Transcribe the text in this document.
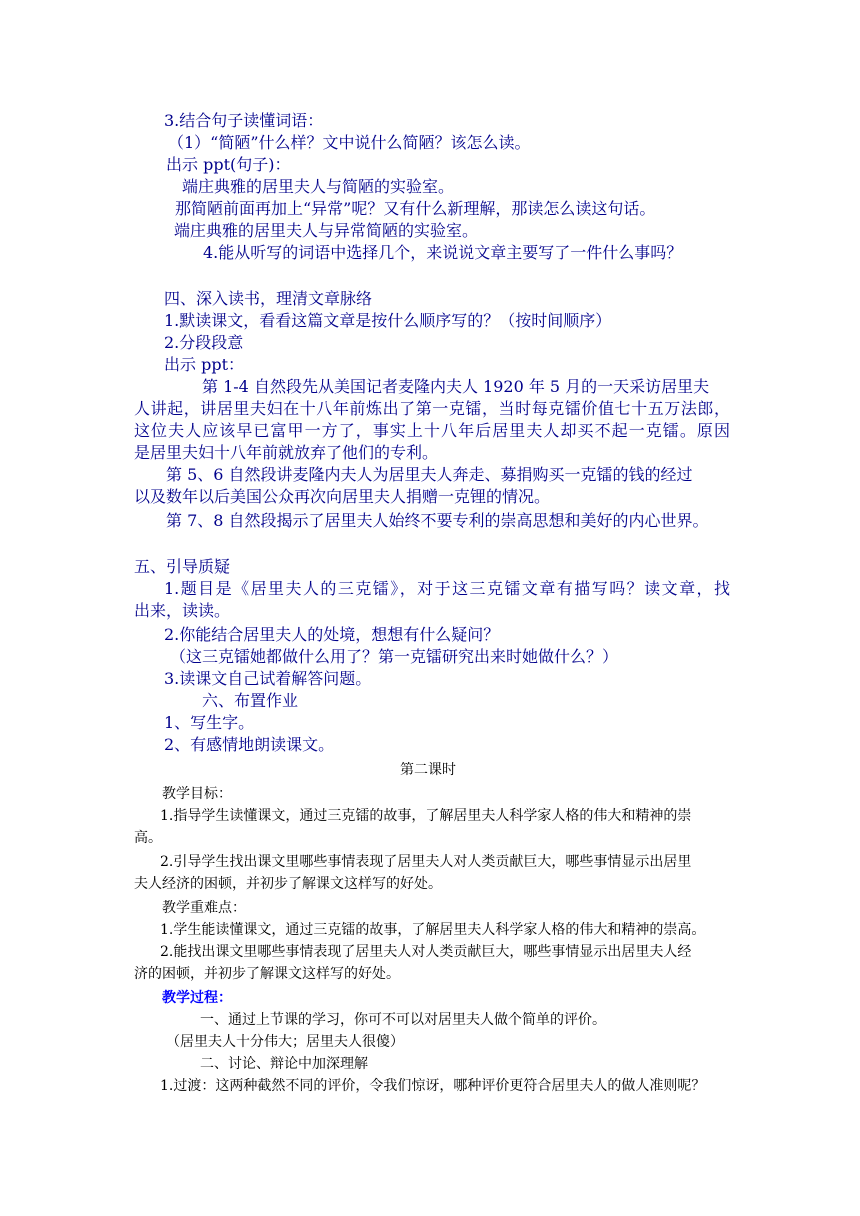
3.结合句子读懂词语：

（1）“简陋”什么样？文中说什么简陋？该怎么读。

出示 ppt(句子)：

端庄典雅的居里夫人与简陋的实验室。

那简陋前面再加上“异常”呢？又有什么新理解，那读怎么读这句话。

端庄典雅的居里夫人与异常简陋的实验室。

4.能从听写的词语中选择几个，来说说文章主要写了一件什么事吗？

四、深入读书，理清文章脉络

1.默读课文，看看这篇文章是按什么顺序写的？（按时间顺序）

2.分段段意

出示 ppt：

第 1-4 自然段先从美国记者麦隆内夫人 1920 年 5 月的一天采访居里夫

人讲起，讲居里夫妇在十八年前炼出了第一克镭，当时每克镭价值七十五万法郎，

这位夫人应该早已富甲一方了，事实上十八年后居里夫人却买不起一克镭。原因

是居里夫妇十八年前就放弃了他们的专利。

第 5、6 自然段讲麦隆内夫人为居里夫人奔走、募捐购买一克镭的钱的经过

以及数年以后美国公众再次向居里夫人捐赠一克锂的情况。

第 7、8 自然段揭示了居里夫人始终不要专利的崇高思想和美好的内心世界。

五、引导质疑

1.题目是《居里夫人的三克镭》，对于这三克镭文章有描写吗？读文章，找

出来，读读。

2.你能结合居里夫人的处境，想想有什么疑问？

（这三克镭她都做什么用了？第一克镭研究出来时她做什么？）

3.读课文自己试着解答问题。

六、布置作业

1、写生字。

2、有感情地朗读课文。

第二课时

教学目标：

1.指导学生读懂课文，通过三克镭的故事，了解居里夫人科学家人格的伟大和精神的崇

高。

2.引导学生找出课文里哪些事情表现了居里夫人对人类贡献巨大，哪些事情显示出居里

夫人经济的困顿，并初步了解课文这样写的好处。

教学重难点：

1.学生能读懂课文，通过三克镭的故事，了解居里夫人科学家人格的伟大和精神的崇高。

2.能找出课文里哪些事情表现了居里夫人对人类贡献巨大，哪些事情显示出居里夫人经

济的困顿，并初步了解课文这样写的好处。

教学过程：

一、通过上节课的学习，你可不可以对居里夫人做个简单的评价。

（居里夫人十分伟大；居里夫人很傻）

二、讨论、辩论中加深理解

1.过渡：这两种截然不同的评价，令我们惊讶，哪种评价更符合居里夫人的做人准则呢？
